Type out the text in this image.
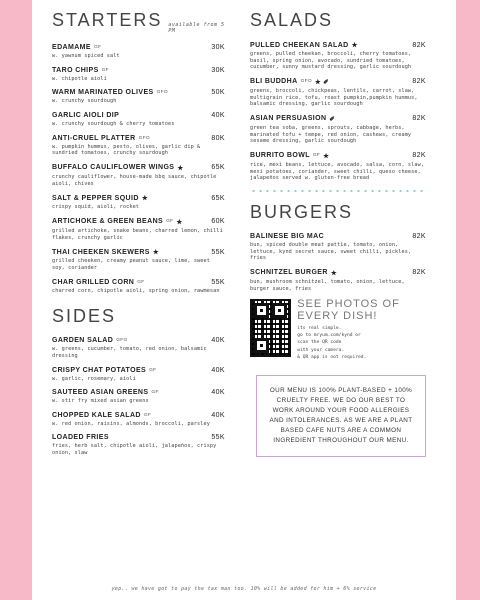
STARTERS available from 5 PM
EDAMAME GF	30K
w. yawnum spiced salt
TARO CHIPS GF	30K
w. chipotle aioli
WARM MARINATED OLIVES GFO	50K
w. crunchy sourdough
GARLIC AIOLI DIP	40K
w. crunchy sourdough & cherry tomatoes
ANTI-CRUEL PLATTER GFO	80K
w. pumpkin hummus, pesto, olives, garlic dip & sundried tomatoes, crunchy sourdough
BUFFALO CAULIFLOWER WINGS ★	65K
crunchy cauliflower, house-made bbq sauce, chipotle aioli, chives
SALT & PEPPER SQUID ★	65K
crispy squid, aioli, rocket
ARTICHOKE & GREEN BEANS GF ★	60K
grilled artichoke, snake beans, charred lemon, chilli flakes, crunchy garlic
THAI CHEEKEN SKEWERS ★	55K
grilled cheeken, creamy peanut sauce, lime, sweet soy, coriander
CHAR GRILLED CORN GF	55K
charred corn, chipotle aioli, spring onion, rawmesan
SIDES
GARDEN SALAD GFO	40K
w. greens, cucumber, tomato, red onion, balsamic dressing
CRISPY CHAT POTATOES GF	40K
w. garlic, rosemary, aioli
SAUTEED ASIAN GREENS GF	40K
w. stir fry mixed asian greens
CHOPPED KALE SALAD GF	40K
w. red onion, raisins, almonds, broccoli, parsley
LOADED FRIES	55K
fries, herb salt, chipotle aioli, jalapeños, crispy onion, slaw
SALADS
PULLED CHEEKAN SALAD ★	82K
greens, pulled cheekan, broccoli, cherry tomatoes, basil, spring onion, avocado, sundried tomatoes, cucumber, sunny mustard dressing, garlic sourdough
BLI BUDDHA GFO ★ ✐	82K
greens, broccoli, chickpeas, lentils, carrot, slaw, multigrain rice, tofu, roast pumpkin,pumpkin hummus, balsamic dressing, garlic sourdough
ASIAN PERSUASION ✐	82K
green tea soba, greens, sprouts, cabbage, herbs, marinated tofu + tempe, red onion, cashews, creamy sesame dressing, garlic sourdough
BURRITO BOWL GF ★	82K
rice, mexi beans, lettuce, avocado, salsa, corn, slaw, mexi potatoes, coriander, sweet chilli, queso cheese, jalapeños served w. gluten-free bread
BURGERS
BALINESE BIG MAC	82K
bun, spiced double meat pattie, tomato, onion, lettuce, kynd secret sauce, sweet chilli, pickles, fries
SCHNITZEL BURGER ★	82K
bun, mushroom schnitzel, tomato, onion, lettuce, burger sauce, fries
SEE PHOTOS OF EVERY DISH!
its real simple.
go to mryum.com/kynd or
scan the QR code
with your camera.
& QR app is not required.
OUR MENU IS 100% PLANT-BASED + 100% CRUELTY FREE. WE DO OUR BEST TO WORK AROUND YOUR FOOD ALLERGIES AND INTOLERANCES. AS WE ARE A PLANT BASED CAFE NUTS ARE A COMMON INGREDIENT THROUGHOUT OUR MENU.
yep.. we have got to pay the tax man too. 10% will be added for him + 6% service
